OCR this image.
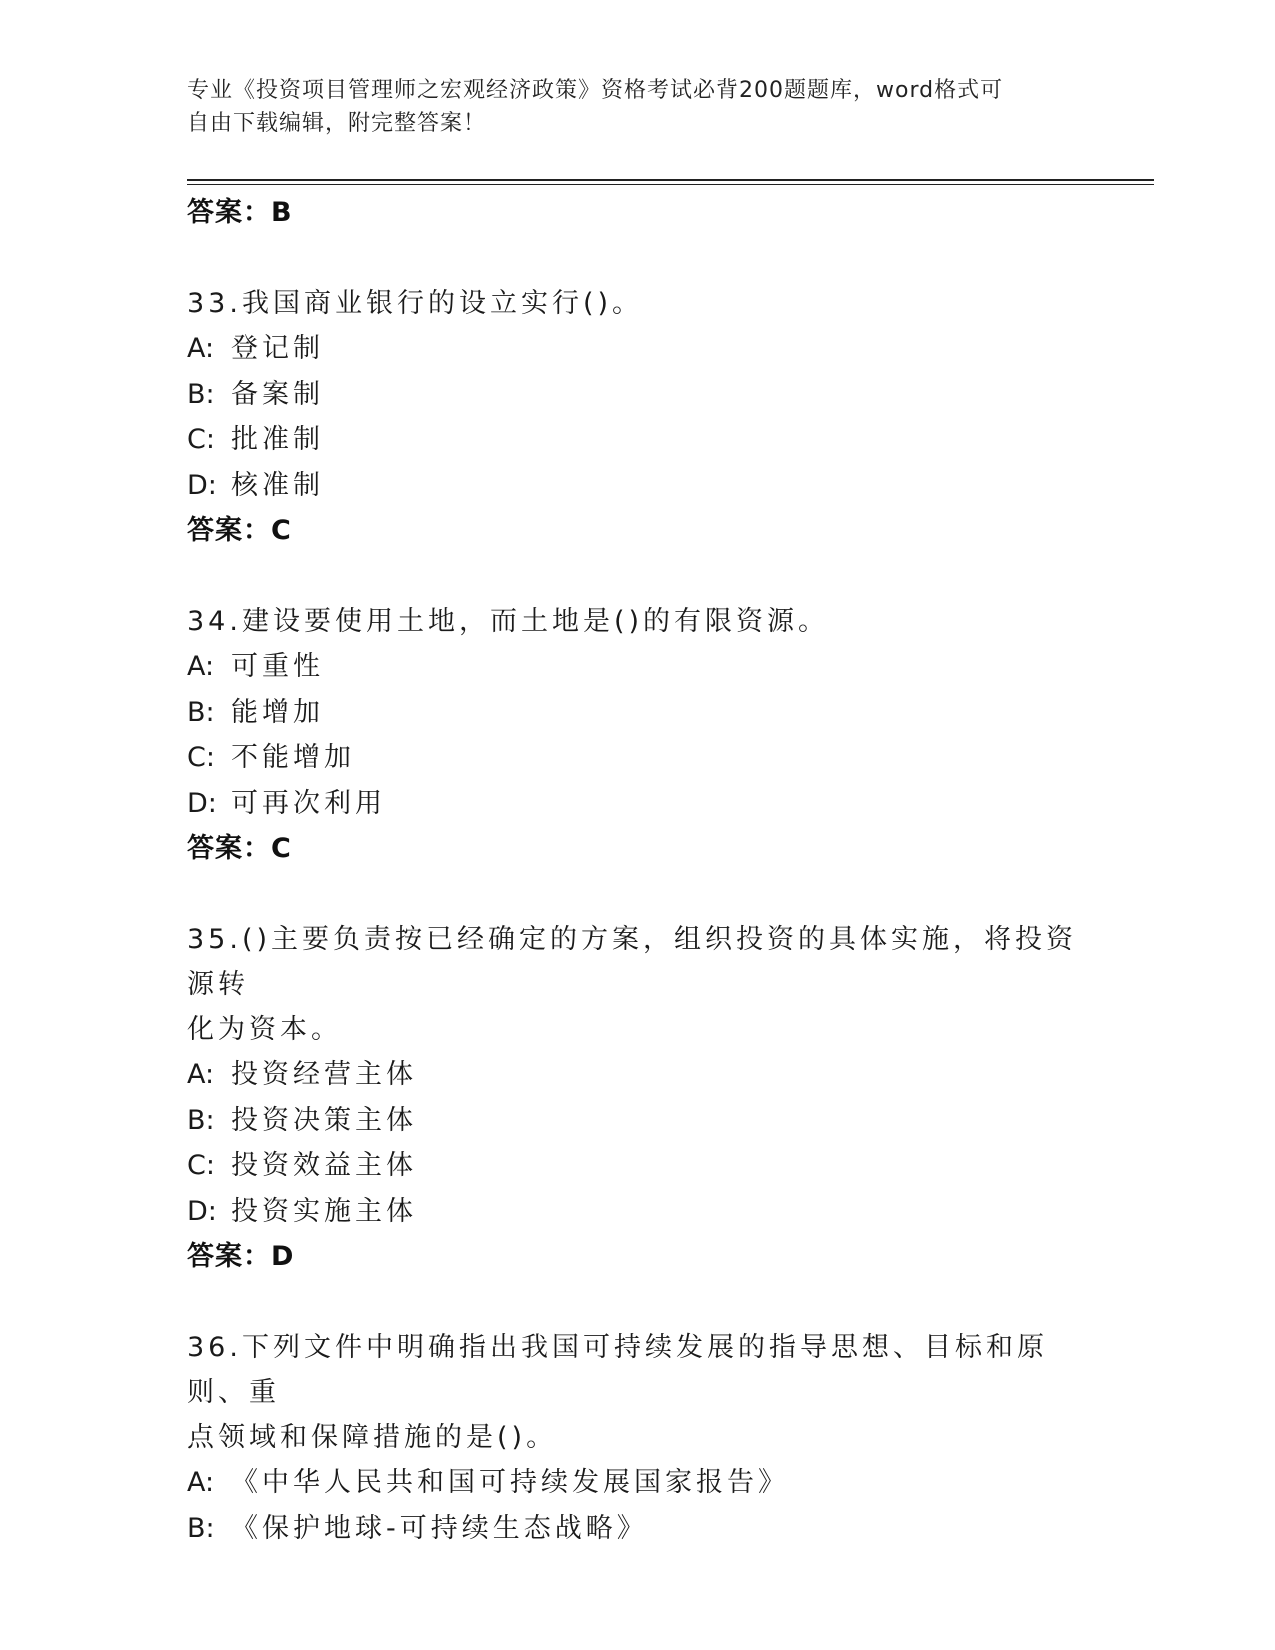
专业《投资项目管理师之宏观经济政策》资格考试必背200题题库，word格式可
自由下载编辑，附完整答案！
答案：B
33.我国商业银行的设立实行()。
A: 登记制
B: 备案制
C: 批准制
D: 核准制
答案：C
34.建设要使用土地，而土地是()的有限资源。
A: 可重性
B: 能增加
C: 不能增加
D: 可再次利用
答案：C
35.()主要负责按已经确定的方案，组织投资的具体实施，将投资源转
化为资本。
A: 投资经营主体
B: 投资决策主体
C: 投资效益主体
D: 投资实施主体
答案：D
36.下列文件中明确指出我国可持续发展的指导思想、目标和原则、重
点领域和保障措施的是()。
A: 《中华人民共和国可持续发展国家报告》
B: 《保护地球-可持续生态战略》
